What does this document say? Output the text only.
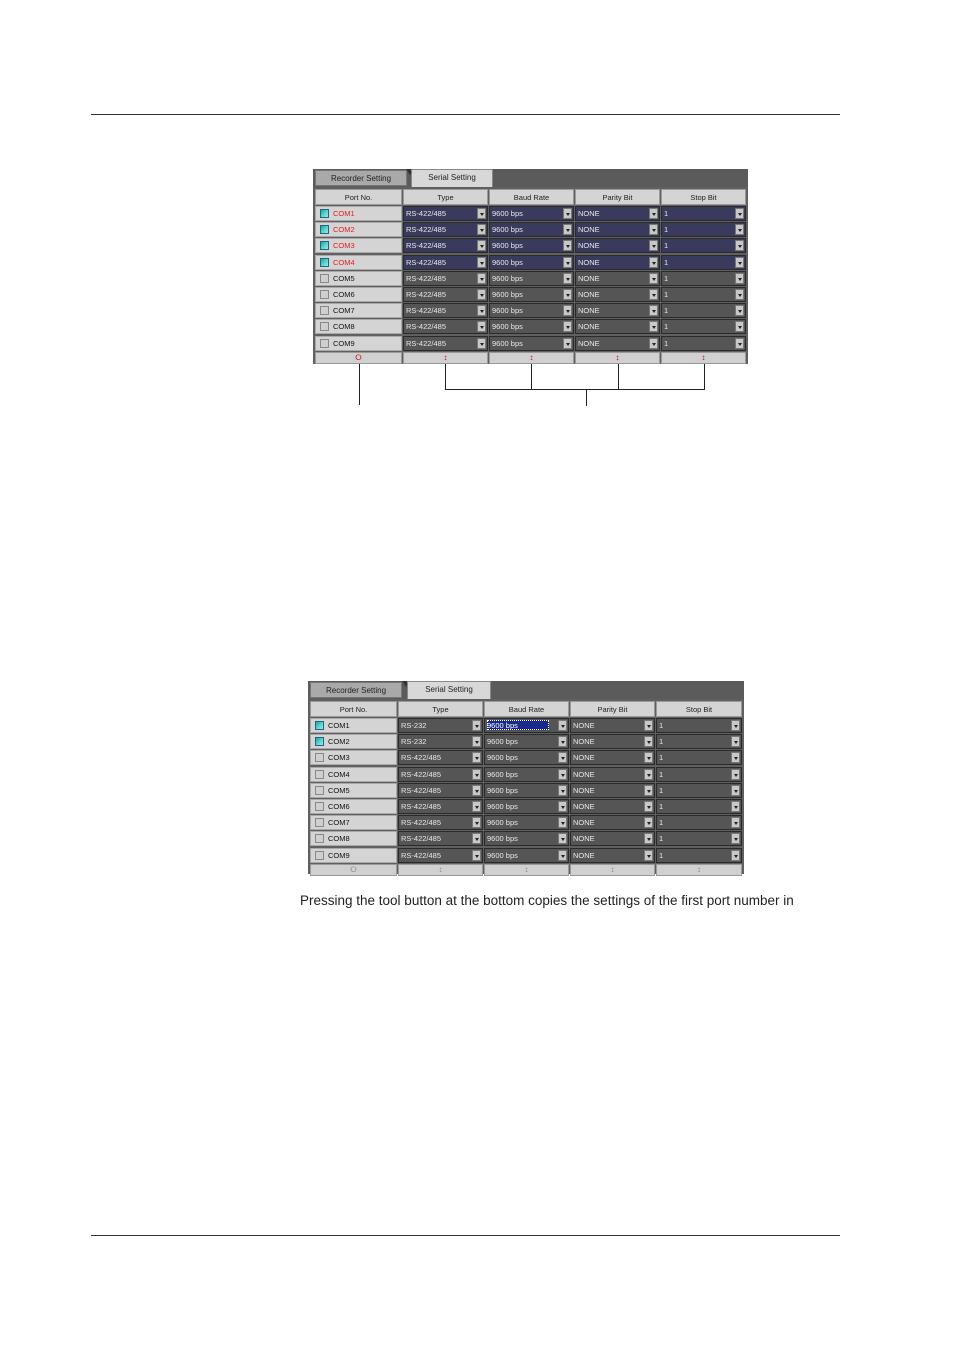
Recorder Setting	Serial Setting
Port No.	Type	Baud Rate	Parity Bit	Stop Bit
COM1	RS-422/485	9600 bps	NONE	1
COM2	RS-422/485	9600 bps	NONE	1
COM3	RS-422/485	9600 bps	NONE	1
COM4	RS-422/485	9600 bps	NONE	1
COM5	RS-422/485	9600 bps	NONE	1
COM6	RS-422/485	9600 bps	NONE	1
COM7	RS-422/485	9600 bps	NONE	1
COM8	RS-422/485	9600 bps	NONE	1
COM9	RS-422/485	9600 bps	NONE	1
⭘	↕	↕	↕	↕
Recorder Setting	Serial Setting
Port No.	Type	Baud Rate	Parity Bit	Stop Bit
COM1	RS-232	9600 bps	NONE	1
COM2	RS-232	9600 bps	NONE	1
COM3	RS-422/485	9600 bps	NONE	1
COM4	RS-422/485	9600 bps	NONE	1
COM5	RS-422/485	9600 bps	NONE	1
COM6	RS-422/485	9600 bps	NONE	1
COM7	RS-422/485	9600 bps	NONE	1
COM8	RS-422/485	9600 bps	NONE	1
COM9	RS-422/485	9600 bps	NONE	1
⭘	↕	↕	↕	↕
Pressing the tool button at the bottom copies the settings of the first port number in
